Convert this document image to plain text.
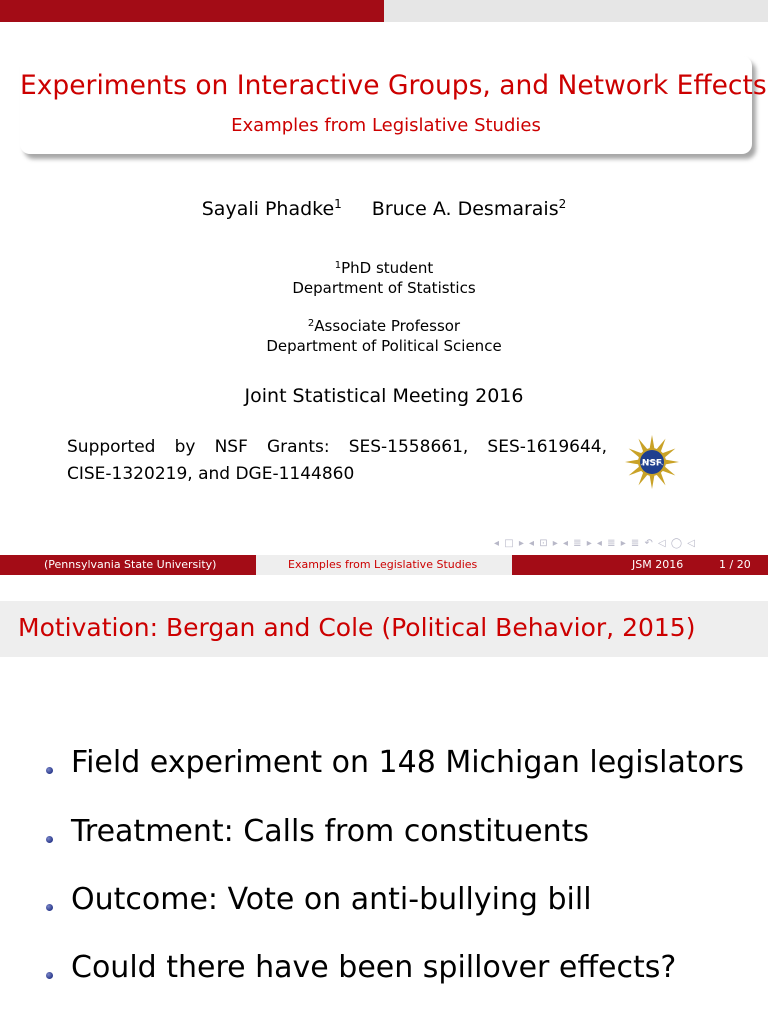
Experiments on Interactive Groups, and Network Effects
Examples from Legislative Studies
Sayali Phadke$^1$ Bruce A. Desmarais$^2$
$^1$PhD student
Department of Statistics
$^2$Associate Professor
Department of Political Science
Joint Statistical Meeting 2016
Supported by NSF Grants: SES-1558661, SES-1619644,
CISE-1320219, and DGE-1144860
NSF
◂ □ ▸ ◂ ⊡ ▸ ◂ ≣ ▸ ◂ ≣ ▸ ≣ ↶ ◁ ◯ ◁
(Pennsylvania State University)	Examples from Legislative Studies	JSM 2016	1 / 20
Motivation: Bergan and Cole (Political Behavior, 2015)
Field experiment on 148 Michigan legislators
Treatment: Calls from constituents
Outcome: Vote on anti-bullying bill
Could there have been spillover effects?
